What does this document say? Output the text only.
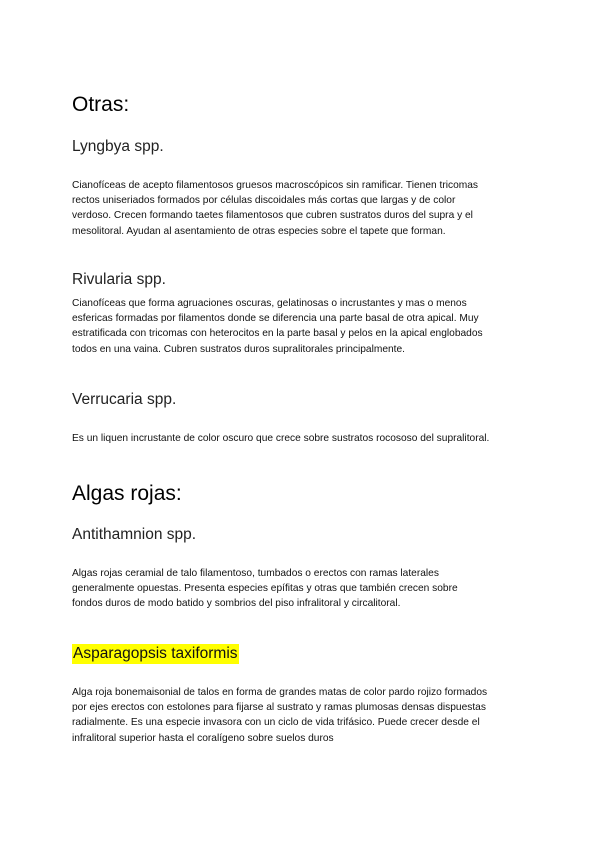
Otras:
Lyngbya spp.

Cianofíceas de acepto filamentosos gruesos macroscópicos sin ramificar. Tienen tricomas
rectos uniseriados formados por células discoidales más cortas que largas y de color
verdoso. Crecen formando taetes filamentosos que cubren sustratos duros del supra y el
mesolitoral. Ayudan al asentamiento de otras especies sobre el tapete que forman.

Rivularia spp.

Cianofíceas que forma agruaciones oscuras, gelatinosas o incrustantes y mas o menos
esfericas formadas por filamentos donde se diferencia una parte basal de otra apical. Muy
estratificada con tricomas con heterocitos en la parte basal y pelos en la apical englobados
todos en una vaina. Cubren sustratos duros supralitorales principalmente.

Verrucaria spp.

Es un liquen incrustante de color oscuro que crece sobre sustratos rocososo del supralitoral.

Algas rojas:
Antithamnion spp.

Algas rojas ceramial de talo filamentoso, tumbados o erectos con ramas laterales
generalmente opuestas. Presenta especies epífitas y otras que también crecen sobre
fondos duros de modo batido y sombrios del piso infralitoral y circalitoral.

Asparagopsis taxiformis

Alga roja bonemaisonial de talos en forma de grandes matas de color pardo rojizo formados
por ejes erectos con estolones para fijarse al sustrato y ramas plumosas densas dispuestas
radialmente. Es una especie invasora con un ciclo de vida trifásico. Puede crecer desde el
infralitoral superior hasta el coralígeno sobre suelos duros
